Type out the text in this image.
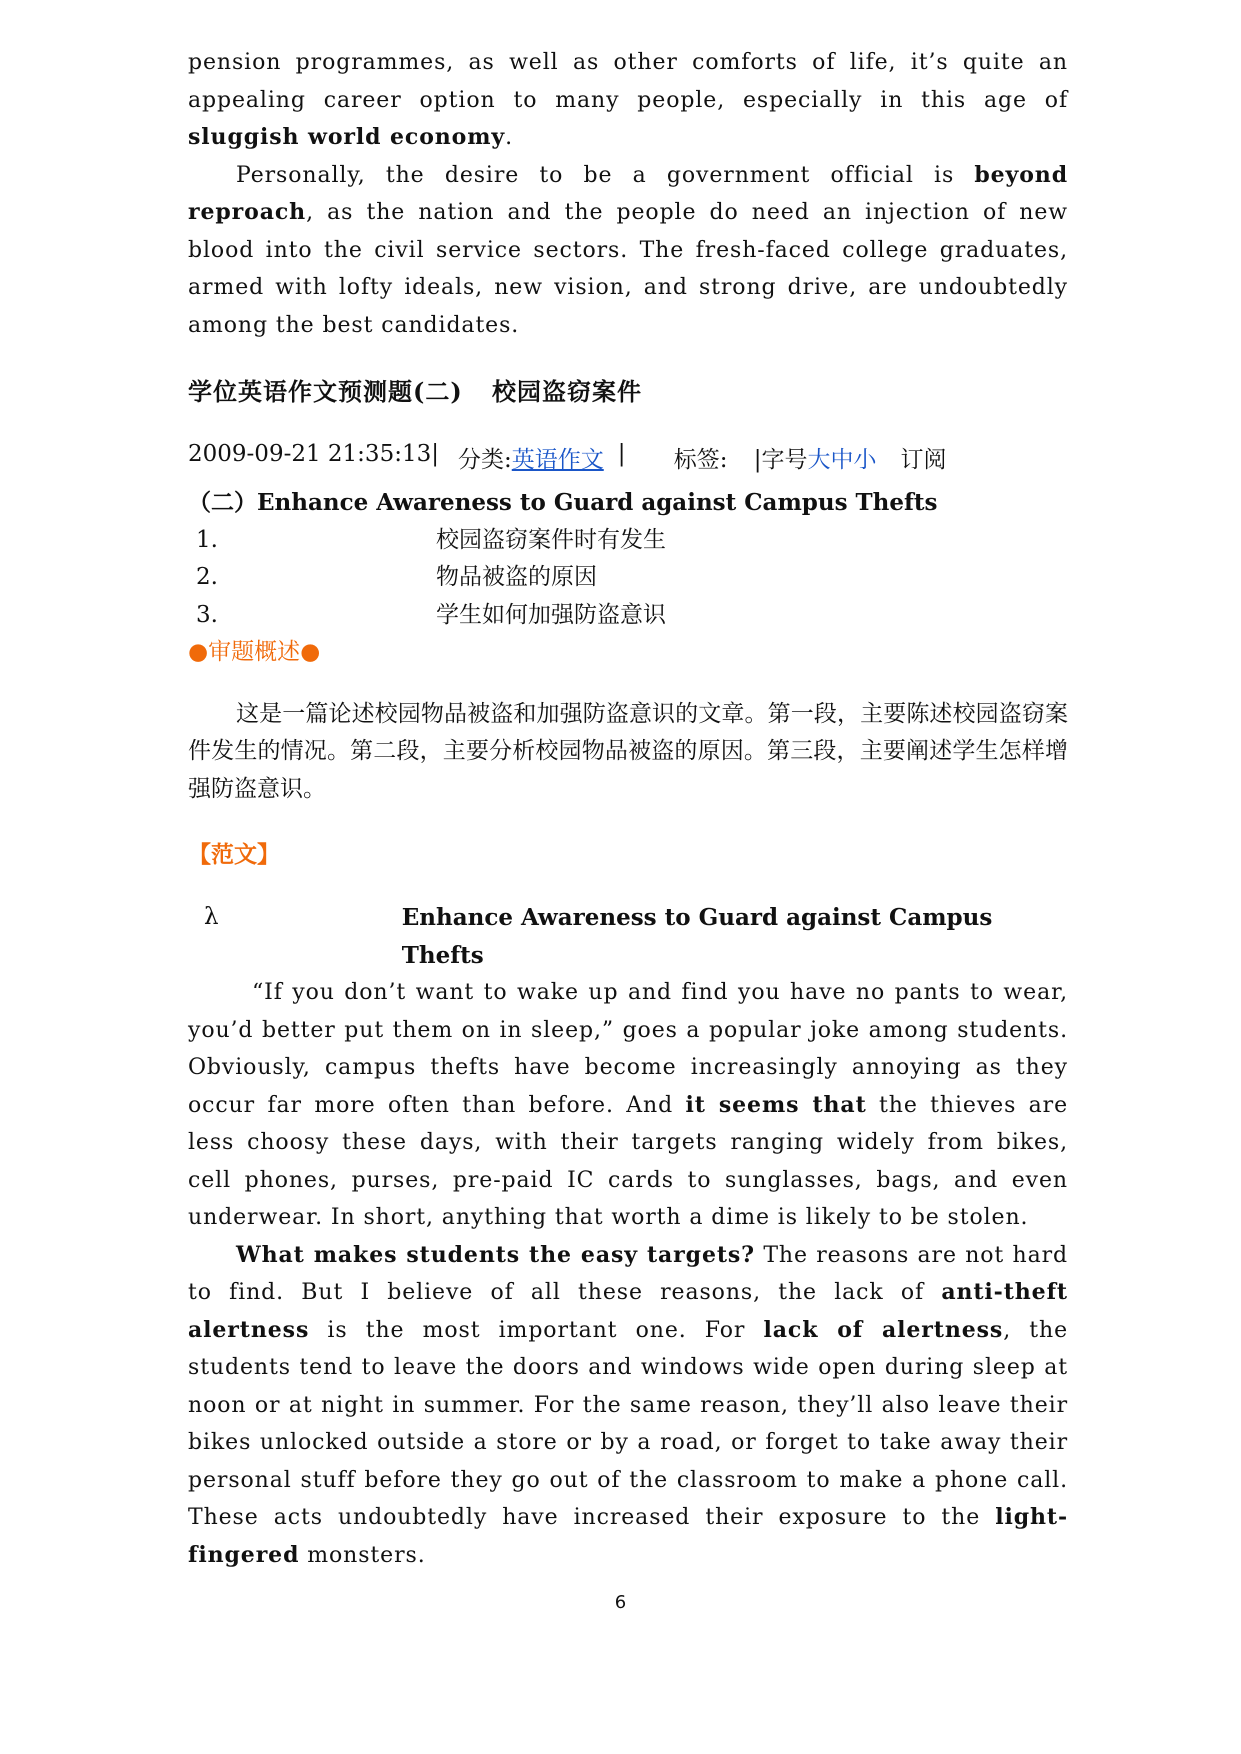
pension programmes, as well as other comforts of life, it’s quite an appealing career option to many people, especially in this age of sluggish world economy.

Personally, the desire to be a government official is beyond reproach, as the nation and the people do need an injection of new blood into the civil service sectors. The fresh-faced college graduates, armed with lofty ideals, new vision, and strong drive, are undoubtedly among the best candidates.

学位英语作文预测题(二)	校园盗窃案件

2009-09-21 21:35:13| 分类: 英语作文 |	标签:	|字号 大 中 小 订阅

（二）Enhance Awareness to Guard against Campus Thefts

1.	校园盗窃案件时有发生

2.	物品被盗的原因

3.	学生如何加强防盗意识

●审题概述●

这是一篇论述校园物品被盗和加强防盗意识的文章。第一段，主要陈述校园盗窃案件发生的情况。第二段，主要分析校园物品被盗的原因。第三段，主要阐述学生怎样增强防盗意识。

【范文】

λ	Enhance Awareness to Guard against Campus Thefts

“If you don’t want to wake up and find you have no pants to wear, you’d better put them on in sleep,” goes a popular joke among students. Obviously, campus thefts have become increasingly annoying as they occur far more often than before. And it seems that the thieves are less choosy these days, with their targets ranging widely from bikes, cell phones, purses, pre-paid IC cards to sunglasses, bags, and even underwear. In short, anything that worth a dime is likely to be stolen.

What makes students the easy targets? The reasons are not hard to find. But I believe of all these reasons, the lack of anti-theft alertness is the most important one. For lack of alertness, the students tend to leave the doors and windows wide open during sleep at noon or at night in summer. For the same reason, they’ll also leave their bikes unlocked outside a store or by a road, or forget to take away their personal stuff before they go out of the classroom to make a phone call. These acts undoubtedly have increased their exposure to the light-fingered monsters.

6
